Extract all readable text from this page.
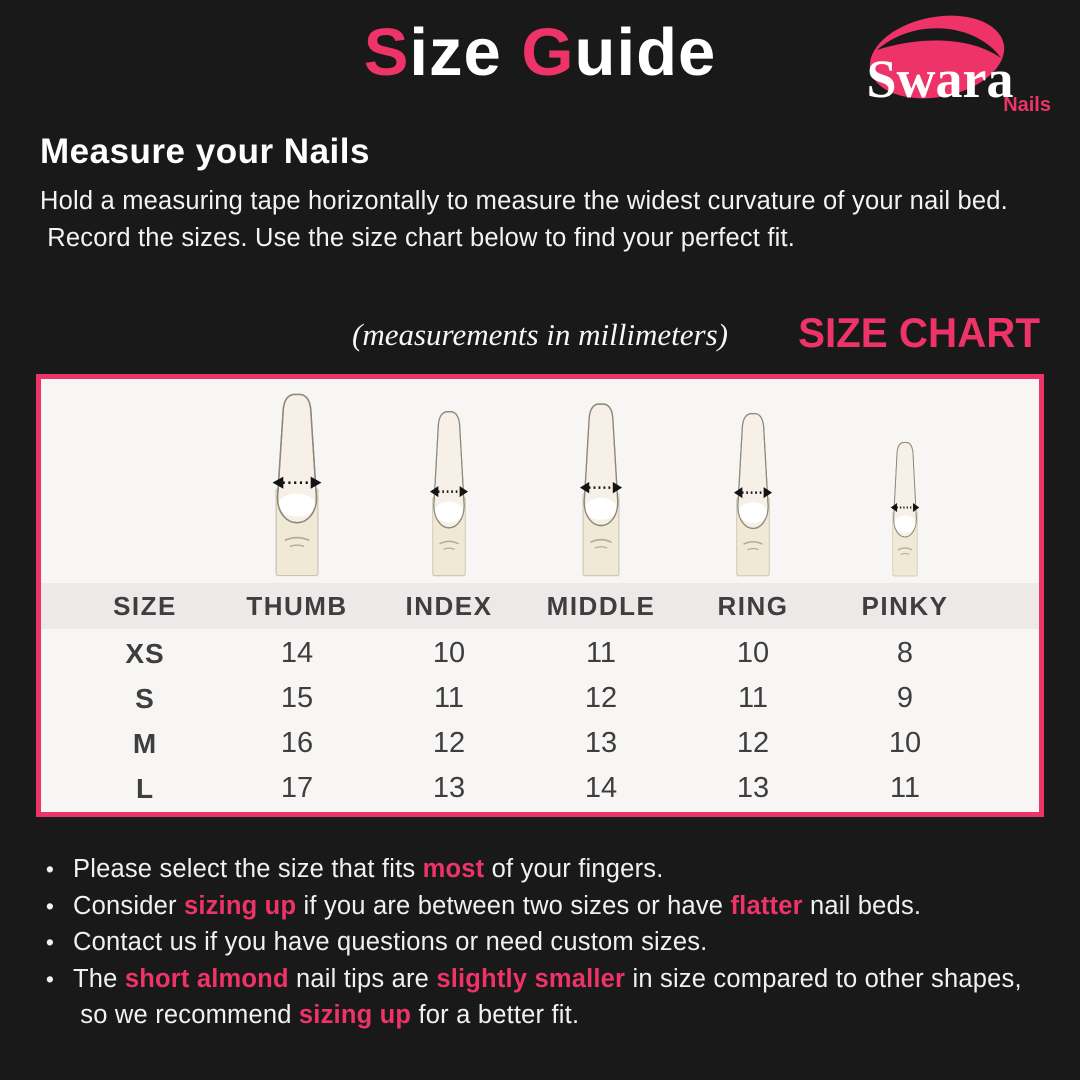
Size Guide	Swara
Nails
Measure your Nails

Hold a measuring tape horizontally to measure the widest curvature of your nail bed.

Record the sizes. Use the size chart below to find your perfect fit.

(measurements in millimeters) SIZE CHART
SIZE	THUMB	INDEX	MIDDLE	RING	PINKY
XS	14	10	11	10	8
S	15	11	12	11	9
M	16	12	13	12	10
L	17	13	14	13	11
• Please select the size that fits most of your fingers.
• Consider sizing up if you are between two sizes or have flatter nail beds.
• Contact us if you have questions or need custom sizes.
• The short almond nail tips are slightly smaller in size compared to other shapes,
so we recommend sizing up for a better fit.
